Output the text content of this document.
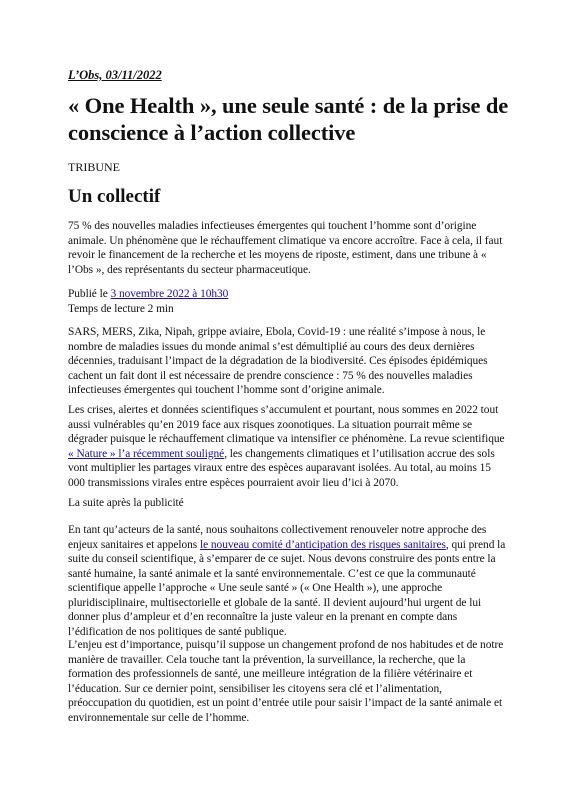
L’Obs, 03/11/2022
« One Health », une seule santé : de la prise de conscience à l’action collective
TRIBUNE
Un collectif

75 % des nouvelles maladies infectieuses émergentes qui touchent l’homme sont d’origine animale. Un phénomène que le réchauffement climatique va encore accroître. Face à cela, il faut revoir le financement de la recherche et les moyens de riposte, estiment, dans une tribune à « l’Obs », des représentants du secteur pharmaceutique.

Publié le 3 novembre 2022 à 10h30
Temps de lecture 2 min

SARS, MERS, Zika, Nipah, grippe aviaire, Ebola, Covid-19 : une réalité s’impose à nous, le nombre de maladies issues du monde animal s’est démultiplié au cours des deux dernières décennies, traduisant l’impact de la dégradation de la biodiversité. Ces épisodes épidémiques cachent un fait dont il est nécessaire de prendre conscience : 75 % des nouvelles maladies infectieuses émergentes qui touchent l’homme sont d’origine animale.

Les crises, alertes et données scientifiques s’accumulent et pourtant, nous sommes en 2022 tout aussi vulnérables qu’en 2019 face aux risques zoonotiques. La situation pourrait même se dégrader puisque le réchauffement climatique va intensifier ce phénomène. La revue scientifique « Nature » l’a récemment souligné, les changements climatiques et l’utilisation accrue des sols vont multiplier les partages viraux entre des espèces auparavant isolées. Au total, au moins 15 000 transmissions virales entre espèces pourraient avoir lieu d’ici à 2070.

La suite après la publicité

En tant qu’acteurs de la santé, nous souhaitons collectivement renouveler notre approche des enjeux sanitaires et appelons le nouveau comité d’anticipation des risques sanitaires, qui prend la suite du conseil scientifique, à s’emparer de ce sujet. Nous devons construire des ponts entre la santé humaine, la santé animale et la santé environnementale. C’est ce que la communauté scientifique appelle l’approche « Une seule santé » (« One Health »), une approche pluridisciplinaire, multisectorielle et globale de la santé. Il devient aujourd’hui urgent de lui donner plus d’ampleur et d’en reconnaître la juste valeur en la prenant en compte dans l’édification de nos politiques de santé publique.

L’enjeu est d’importance, puisqu’il suppose un changement profond de nos habitudes et de notre manière de travailler. Cela touche tant la prévention, la surveillance, la recherche, que la formation des professionnels de santé, une meilleure intégration de la filière vétérinaire et l’éducation. Sur ce dernier point, sensibiliser les citoyens sera clé et l’alimentation, préoccupation du quotidien, est un point d’entrée utile pour saisir l’impact de la santé animale et environnementale sur celle de l’homme.
